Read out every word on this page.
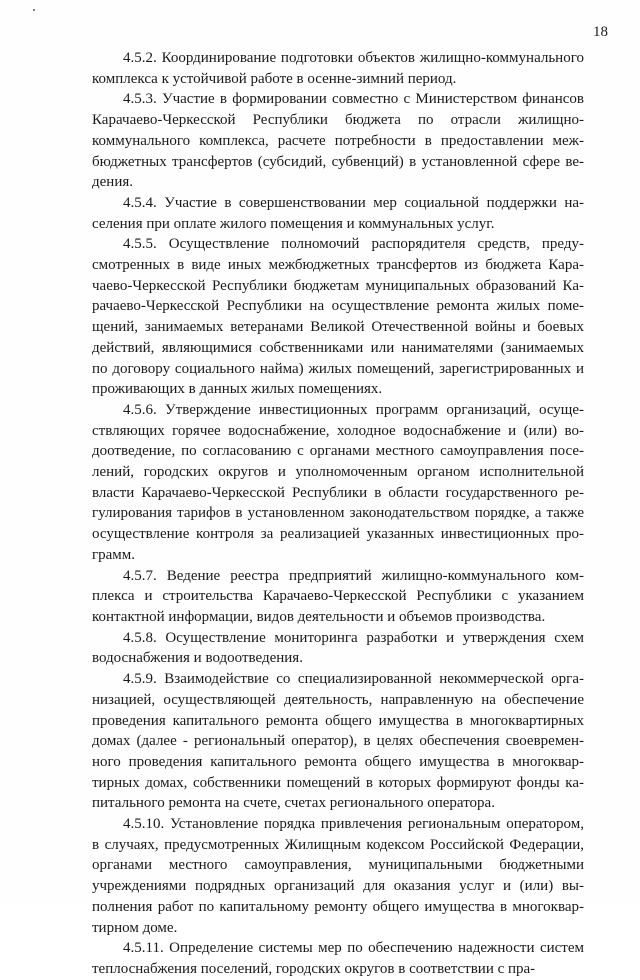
18

4.5.2. Координирование подготовки объектов жилищно-коммунального комплекса к устойчивой работе в осенне-зимний период.

4.5.3. Участие в формировании совместно с Министерством финансов Карачаево-Черкесской Республики бюджета по отрасли жилищно-коммунального комплекса, расчете потребности в предоставлении межбюджетных трансфертов (субсидий, субвенций) в установленной сфере ведения.

4.5.4. Участие в совершенствовании мер социальной поддержки населения при оплате жилого помещения и коммунальных услуг.

4.5.5. Осуществление полномочий распорядителя средств, предусмотренных в виде иных межбюджетных трансфертов из бюджета Карачаево-Черкесской Республики бюджетам муниципальных образований Карачаево-Черкесской Республики на осуществление ремонта жилых помещений, занимаемых ветеранами Великой Отечественной войны и боевых действий, являющимися собственниками или нанимателями (занимаемых по договору социального найма) жилых помещений, зарегистрированных и проживающих в данных жилых помещениях.

4.5.6. Утверждение инвестиционных программ организаций, осуществляющих горячее водоснабжение, холодное водоснабжение и (или) водоотведение, по согласованию с органами местного самоуправления поселений, городских округов и уполномоченным органом исполнительной власти Карачаево-Черкесской Республики в области государственного регулирования тарифов в установленном законодательством порядке, а также осуществление контроля за реализацией указанных инвестиционных программ.

4.5.7. Ведение реестра предприятий жилищно-коммунального комплекса и строительства Карачаево-Черкесской Республики с указанием контактной информации, видов деятельности и объемов производства.

4.5.8. Осуществление мониторинга разработки и утверждения схем водоснабжения и водоотведения.

4.5.9. Взаимодействие со специализированной некоммерческой организацией, осуществляющей деятельность, направленную на обеспечение проведения капитального ремонта общего имущества в многоквартирных домах (далее - региональный оператор), в целях обеспечения своевременного проведения капитального ремонта общего имущества в многоквартирных домах, собственники помещений в которых формируют фонды капитального ремонта на счете, счетах регионального оператора.

4.5.10. Установление порядка привлечения региональным оператором, в случаях, предусмотренных Жилищным кодексом Российской Федерации, органами местного самоуправления, муниципальными бюджетными учреждениями подрядных организаций для оказания услуг и (или) выполнения работ по капитальному ремонту общего имущества в многоквартирном доме.

4.5.11. Определение системы мер по обеспечению надежности систем теплоснабжения поселений, городских округов в соответствии с пра-
